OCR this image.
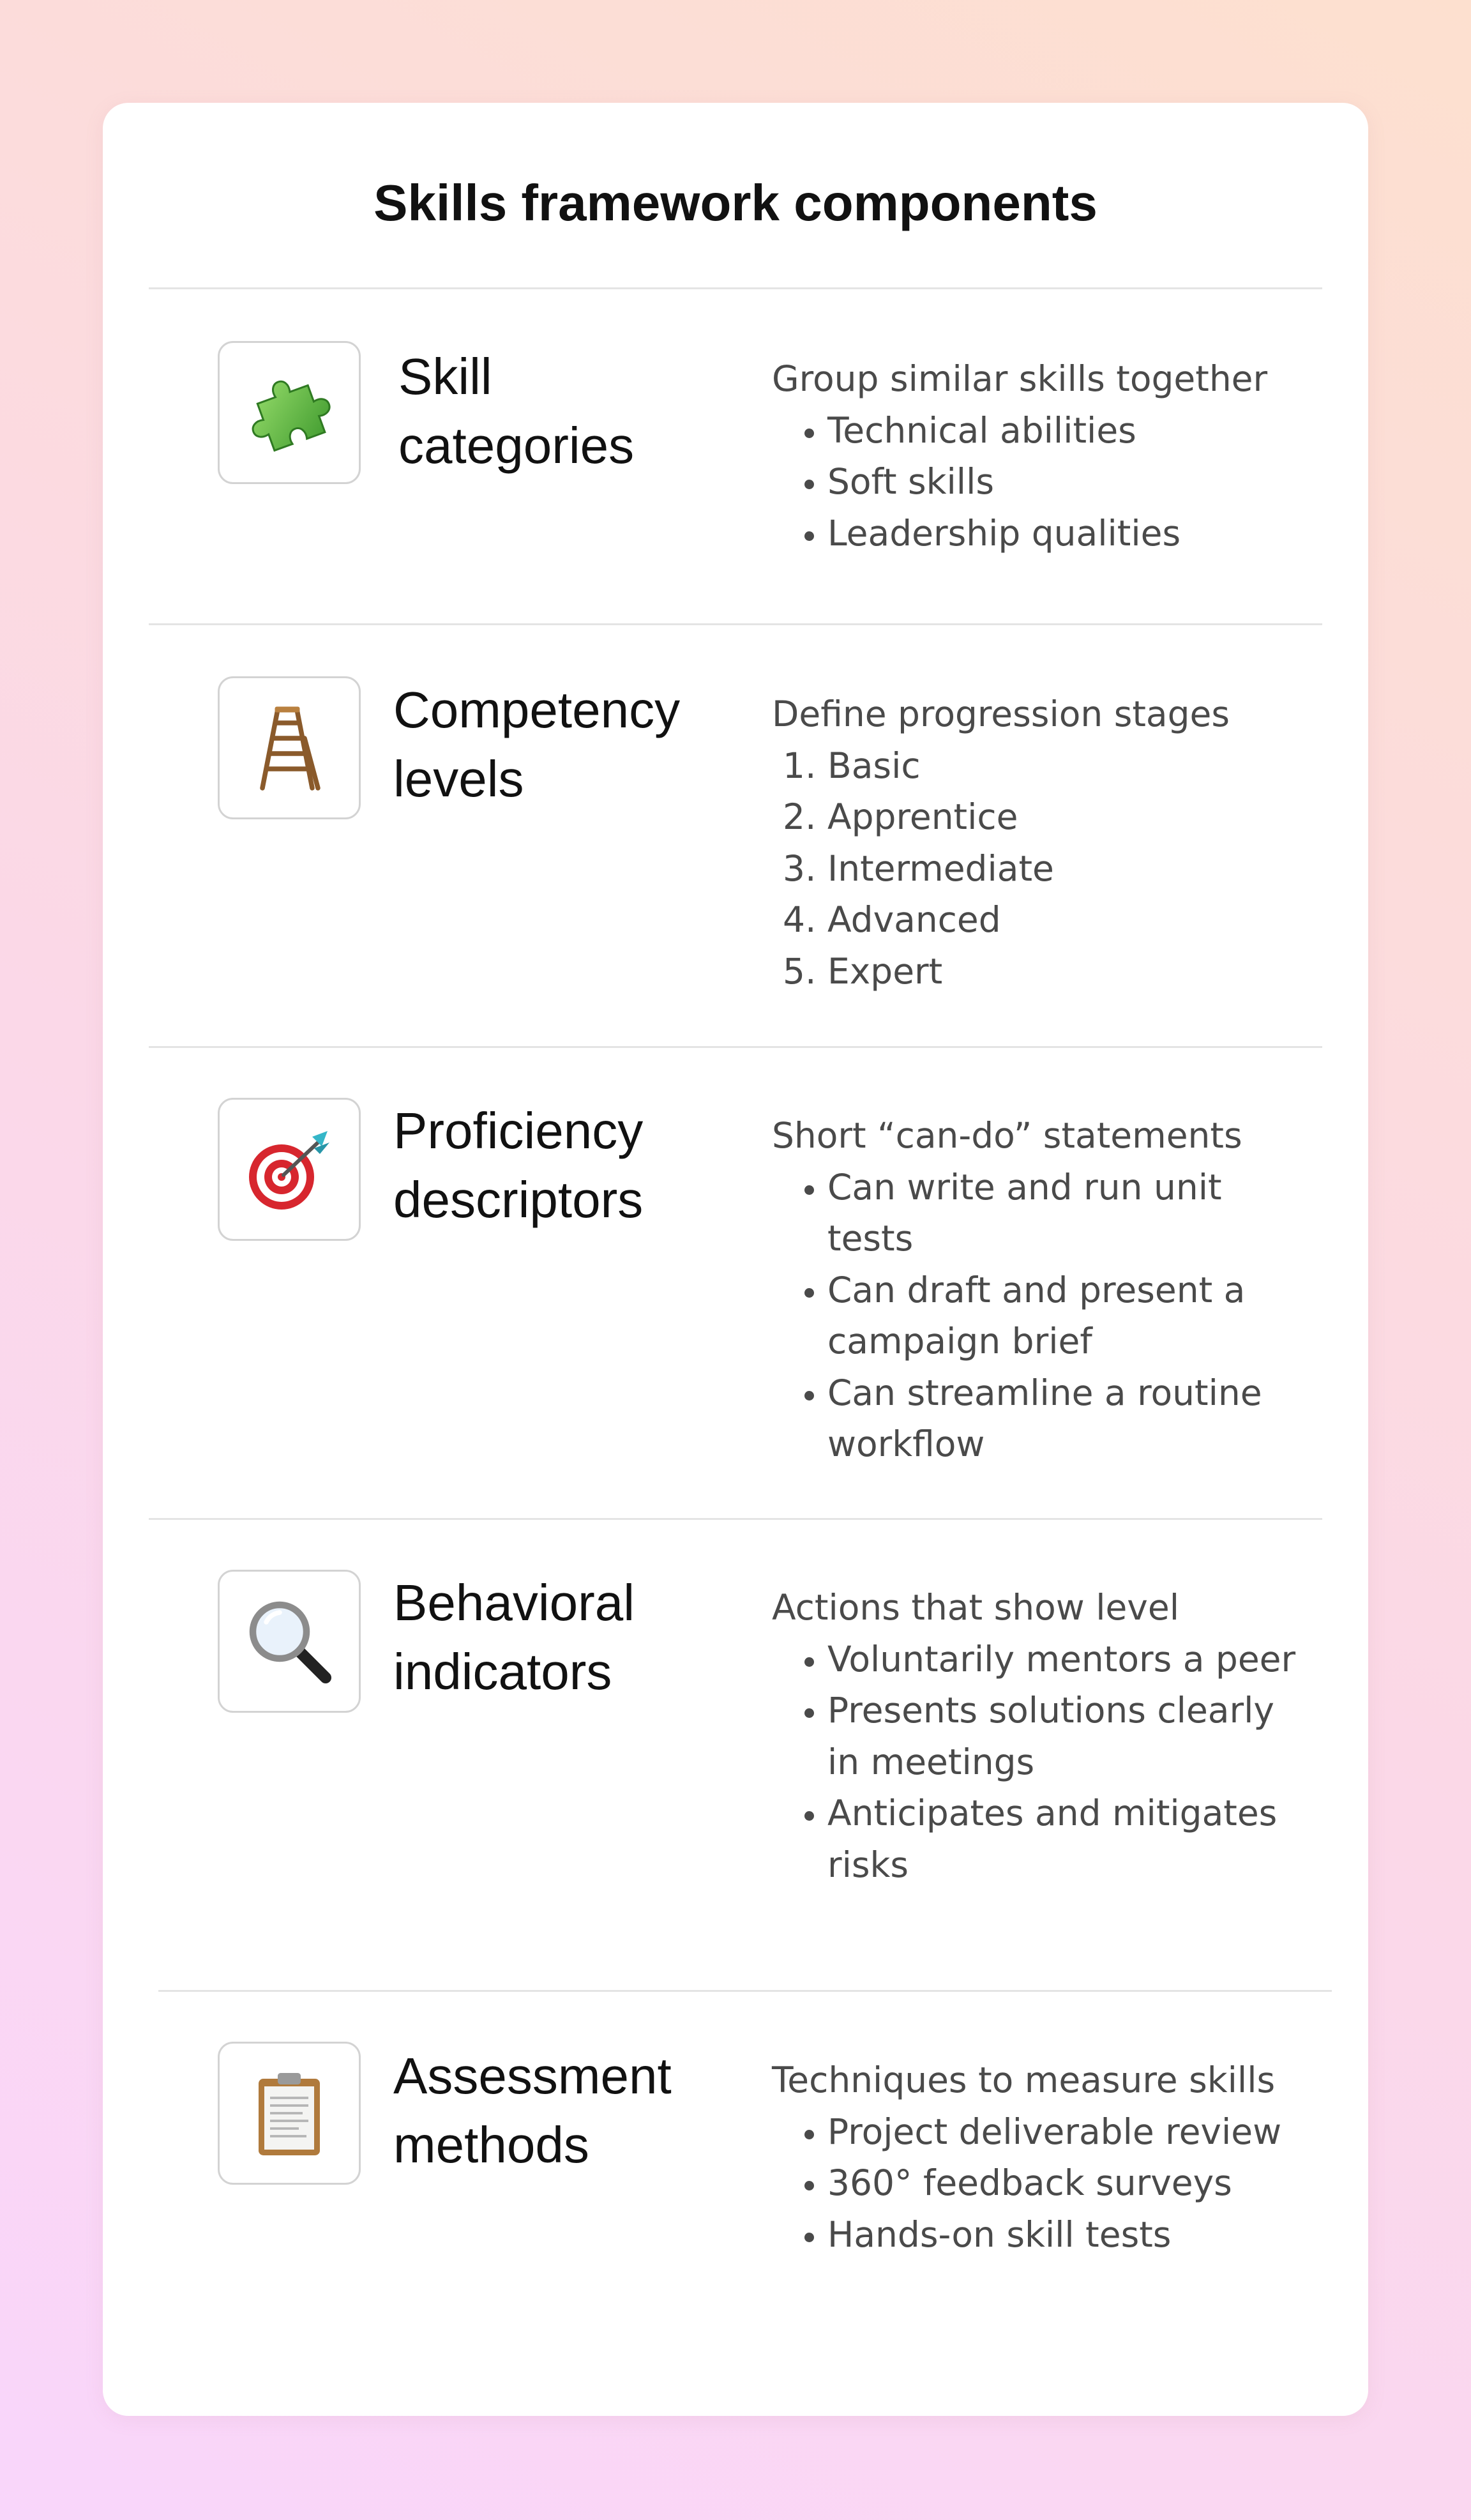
Skills framework components
Skill
categories
Group similar skills together
• Technical abilities
• Soft skills
• Leadership qualities
Competency
levels
Define progression stages
1. Basic
2. Apprentice
3. Intermediate
4. Advanced
5. Expert
Proficiency
descriptors
Short “can-do” statements
• Can write and run unit tests
• Can draft and present a campaign brief
• Can streamline a routine workflow
Behavioral
indicators
Actions that show level
• Voluntarily mentors a peer
• Presents solutions clearly in meetings
• Anticipates and mitigates risks
Assessment
methods
Techniques to measure skills
• Project deliverable review
• 360° feedback surveys
• Hands-on skill tests
